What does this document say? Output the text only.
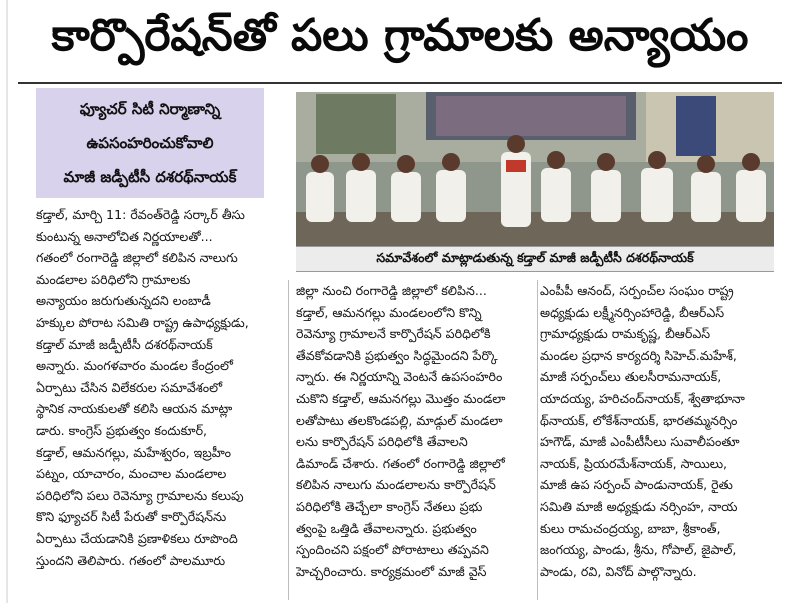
కార్పొరేషన్‌తో పలు గ్రామాలకు అన్యాయం
ఫ్యూచర్ సిటీ నిర్మాణాన్ని
ఉపసంహరించుకోవాలి
మాజీ జడ్పీటీసీ దశరథ్‌నాయక్
సమావేశంలో మాట్లాడుతున్న కడ్తాల్ మాజీ జడ్పీటీసీ దశరథ్‌నాయక్
కడ్తాల్, మార్చి 11: రేవంత్‌రెడ్డి సర్కార్ తీసు
కుంటున్న అనాలోచిత నిర్ణయాలతో...
గతంలో రంగారెడ్డి జిల్లాలో కలిపిన నాలుగు
మండలాల పరిధిలోని గ్రామాలకు
అన్యాయం జరుగుతున్నదని లంబాడీ
హక్కుల పోరాట సమితి రాష్ట్ర ఉపాధ్యక్షుడు,
కడ్తాల్ మాజీ జడ్పీటీసీ దశరథ్‌నాయక్
అన్నారు. మంగళవారం మండల కేంద్రంలో
ఏర్పాటు చేసిన విలేకరుల సమావేశంలో
స్థానిక నాయకులతో కలిసి ఆయన మాట్లా
డారు. కాంగ్రెస్ ప్రభుత్వం కందుకూర్,
కడ్తాల్, ఆమనగల్లు, మహేశ్వరం, ఇబ్రహీం
పట్నం, యాచారం, మంచాల మండలాల
పరిధిలోని పలు రెవెన్యూ గ్రామాలను కలుపు
కొని ఫ్యూచర్ సిటీ పేరుతో కార్పొరేషన్‌ను
ఏర్పాటు చేయడానికి ప్రణాళికలు రూపొంది
స్తుందని తెలిపారు. గతంలో పాలమూరు
జిల్లా నుంచి రంగారెడ్డి జిల్లాలో కలిపిన...
కడ్తాల్, ఆమనగల్లు మండలంలోని కొన్ని
రెవెన్యూ గ్రామాలనే కార్పొరేషన్ పరిధిలోకి
తేవకోవడానికి ప్రభుత్వం సిద్ధమైందని పేర్కొ
న్నారు. ఈ నిర్ణయాన్ని వెంటనే ఉపసంహరిం
చుకొని కడ్తాల్, ఆమనగల్లు మొత్తం మండలా
లతోపాటు తలకొండపల్లి, మాడ్గుల్ మండలా
లను కార్పొరేషన్ పరిధిలోకి తేవాలని
డిమాండ్ చేశారు. గతంలో రంగారెడ్డి జిల్లాలో
కలిపిన నాలుగు మండలాలను కార్పొరేషన్
పరిధిలోకి తెచ్చేలా కాంగ్రెస్ నేతలు ప్రభు
త్వంపై ఒత్తిడి తేవాలన్నారు. ప్రభుత్వం
స్పందించని పక్షంలో పోరాటాలు తప్పవని
హెచ్చరించారు. కార్యక్రమంలో మాజీ వైస్
ఎంపీపీ ఆనంద్, సర్పంచ్‌ల సంఘం రాష్ట్ర
అధ్యక్షుడు లక్ష్మీనర్సింహారెడ్డి, బీఆర్‌ఎస్
గ్రామాధ్యక్షుడు రామకృష్ణ, బీఆర్‌ఎస్
మండల ప్రధాన కార్యదర్శి సిహెచ్.మహేశ్,
మాజీ సర్పంచ్‌లు తులసీరామనాయక్,
యాదయ్య, హరిచంద్‌నాయక్, శ్వేతాభూనా
థ్‌నాయక్, లోకేశ్‌నాయక్, భారతమ్మనర్సిం
హగౌడ్, మాజీ ఎంపీటీసీలు సువాలీపంతూ
నాయక్, ప్రియరమేశ్‌నాయక్, సాయిలు,
మాజీ ఉప సర్పంచ్ పాండునాయక్, రైతు
సమితి మాజీ అధ్యక్షుడు నర్సింహ, నాయ
కులు రామచంద్రయ్య, బాబా, శ్రీకాంత్,
జంగయ్య, పాండు, శ్రీను, గోపాల్, జైపాల్,
పాండు, రవి, వినోద్ పాల్గొన్నారు.
